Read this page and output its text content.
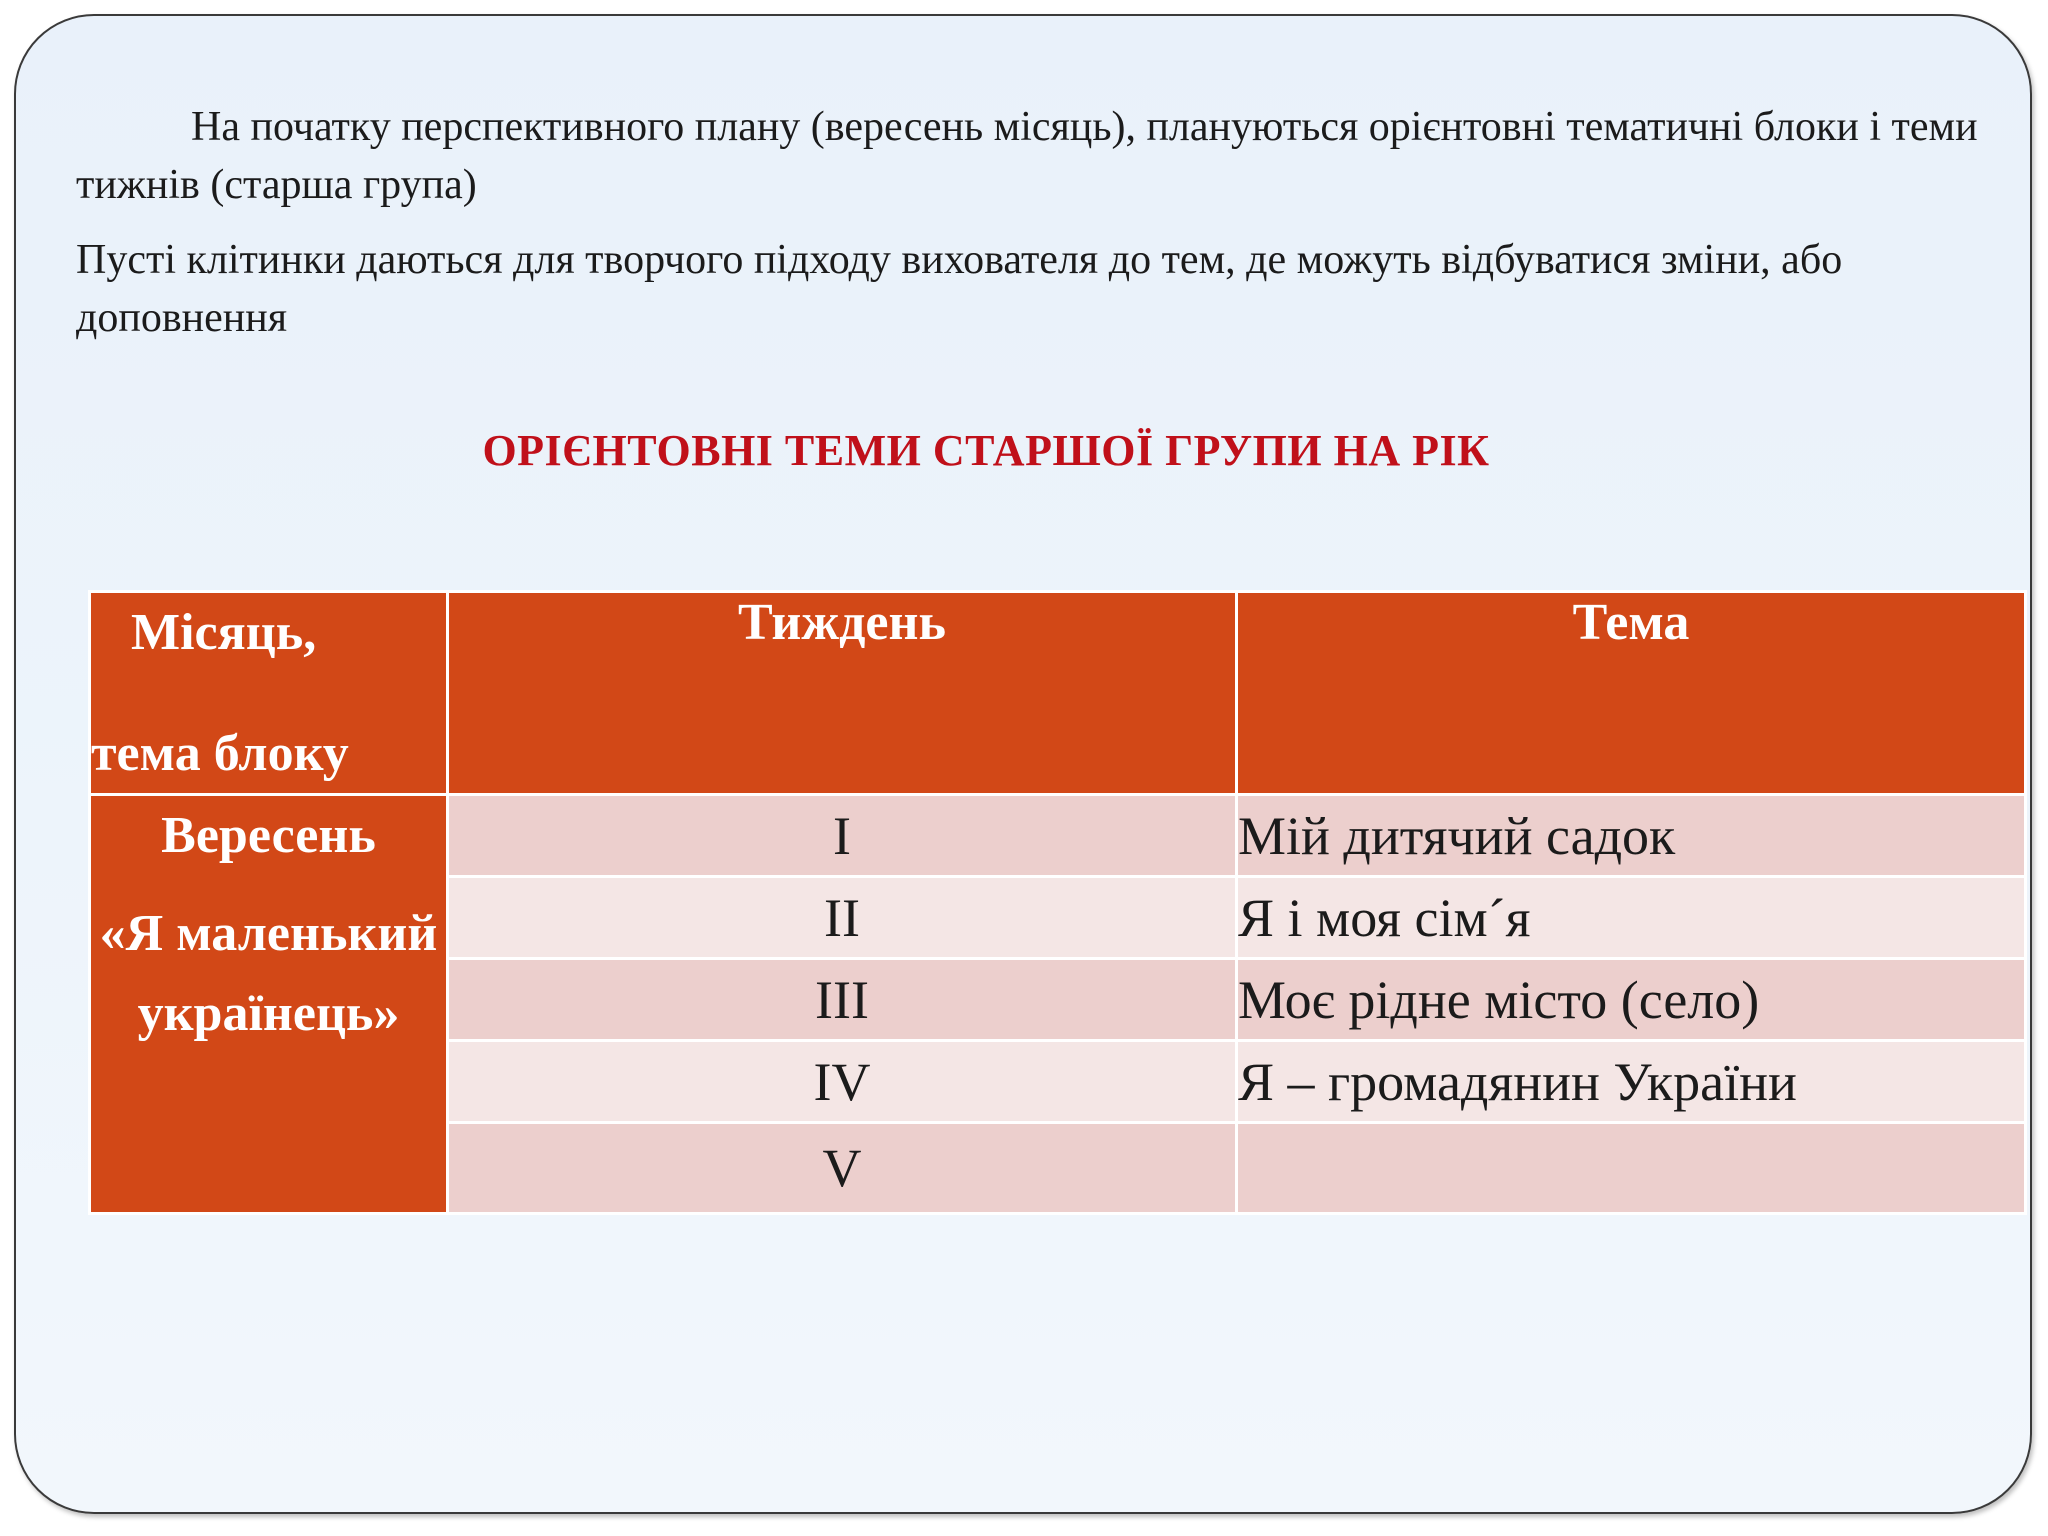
На початку перспективного плану (вересень місяць), плануються орієнтовні тематичні блоки і теми тижнів (старша група)

Пусті клітинки даються для творчого підходу вихователя до тем, де можуть відбуватися зміни, або доповнення

ОРІЄНТОВНІ ТЕМИ СТАРШОЇ ГРУПИ НА РІК

Місяць,
тема блоку	Тиждень	Тема
Вересень
«Я маленький українець»	I	Мій дитячий садок
	II	Я і моя сім´я
	III	Моє рідне місто (село)
	IV	Я – громадянин України
	V	
